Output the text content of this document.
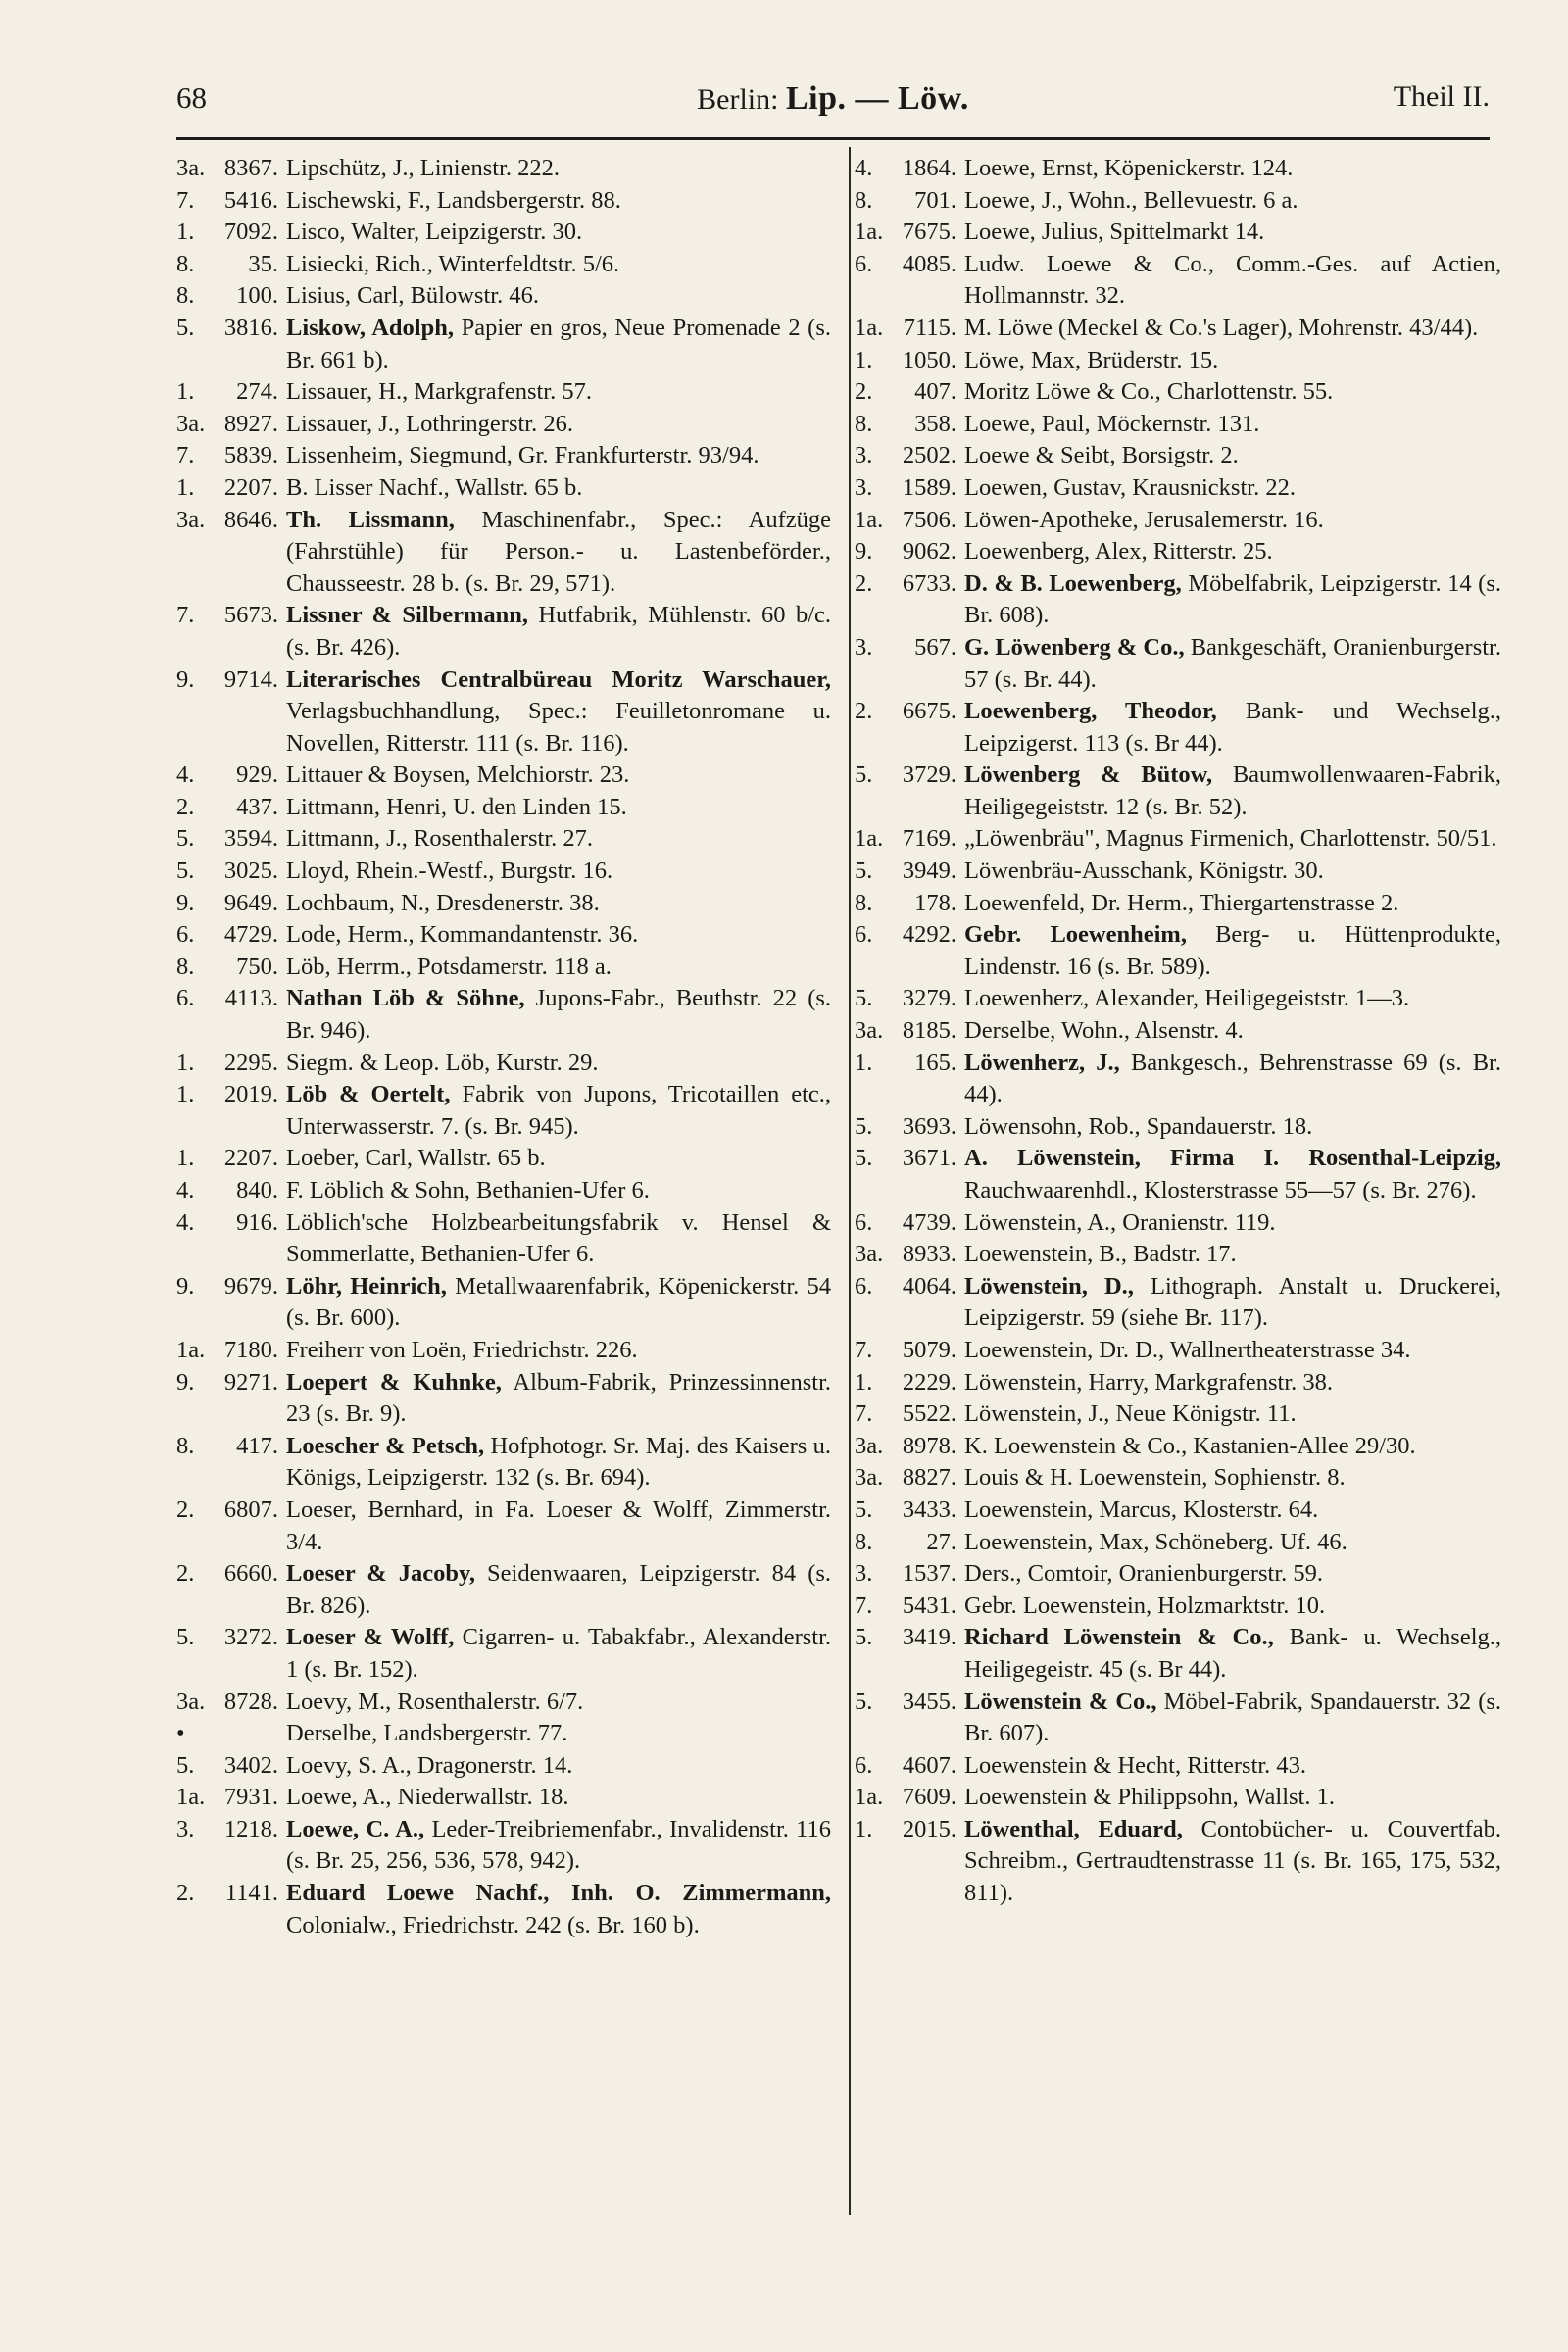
68	Berlin: Lip. — Löw.	Theil II.
3a. 8367. Lipschütz, J., Linienstr. 222.
7.	5416. Lischewski, F., Landsbergerstr. 88.
1.	7092. Lisco, Walter, Leipzigerstr. 30.
8.	35. Lisiecki, Rich., Winterfeldtstr. 5/6.
8.	100. Lisius, Carl, Bülowstr. 46.
5.	3816. Liskow, Adolph, Papier en gros, Neue Promenade 2 (s. Br. 661 b).
1.	274. Lissauer, H., Markgrafenstr. 57.
3a. 8927. Lissauer, J., Lothringerstr. 26.
7.	5839. Lissenheim, Siegmund, Gr. Frankfurterstr. 93/94.
1.	2207. B. Lisser Nachf., Wallstr. 65 b.
3a. 8646. Th. Lissmann, Maschinenfabr., Spec.: Aufzüge (Fahrstühle) für Person.- u. Lastenbeförder., Chausseestr. 28 b. (s. Br. 29, 571).
7.	5673. Lissner & Silbermann, Hutfabrik, Mühlenstr. 60 b/c. (s. Br. 426).
9.	9714. Literarisches Centralbüreau Moritz Warschauer, Verlagsbuchhandlung, Spec.: Feuilletonromane u. Novellen, Ritterstr. 111 (s. Br. 116).
4.	929. Littauer & Boysen, Melchiorstr. 23.
2.	437. Littmann, Henri, U. den Linden 15.
5.	3594. Littmann, J., Rosenthalerstr. 27.
5.	3025. Lloyd, Rhein.-Westf., Burgstr. 16.
9.	9649. Lochbaum, N., Dresdenerstr. 38.
6.	4729. Lode, Herm., Kommandantenstr. 36.
8.	750. Löb, Herrm., Potsdamerstr. 118 a.
6.	4113. Nathan Löb & Söhne, Jupons-Fabr., Beuthstr. 22 (s. Br. 946).
1.	2295. Siegm. & Leop. Löb, Kurstr. 29.
1.	2019. Löb & Oertelt, Fabrik von Jupons, Tricotaillen etc., Unterwasserstr. 7. (s. Br. 945).
1.	2207. Loeber, Carl, Wallstr. 65 b.
4.	840. F. Löblich & Sohn, Bethanien-Ufer 6.
4.	916. Löblich'sche Holzbearbeitungsfabrik v. Hensel & Sommerlatte, Bethanien-Ufer 6.
9.	9679. Löhr, Heinrich, Metallwaarenfabrik, Köpenickerstr. 54 (s. Br. 600).
1a. 7180. Freiherr von Loën, Friedrichstr. 226.
9.	9271. Loepert & Kuhnke, Album-Fabrik, Prinzessinnenstr. 23 (s. Br. 9).
8.	417. Loescher & Petsch, Hofphotogr. Sr. Maj. des Kaisers u. Königs, Leipzigerstr. 132 (s. Br. 694).
2.	6807. Loeser, Bernhard, in Fa. Loeser & Wolff, Zimmerstr. 3/4.
2.	6660. Loeser & Jacoby, Seidenwaaren, Leipzigerstr. 84 (s. Br. 826).
5.	3272. Loeser & Wolff, Cigarren- u. Tabakfabr., Alexanderstr. 1 (s. Br. 152).
3a. 8728. Loevy, M., Rosenthalerstr. 6/7.
•	Derselbe, Landsbergerstr. 77.
5.	3402. Loevy, S. A., Dragonerstr. 14.
1a. 7931. Loewe, A., Niederwallstr. 18.
3.	1218. Loewe, C. A., Leder-Treibriemenfabr., Invalidenstr. 116 (s. Br. 25, 256, 536, 578, 942).
2.	1141. Eduard Loewe Nachf., Inh. O. Zimmermann, Colonialw., Friedrichstr. 242 (s. Br. 160 b).
4.	1864. Loewe, Ernst, Köpenickerstr. 124.
8.	701. Loewe, J., Wohn., Bellevuestr. 6 a.
1a. 7675. Loewe, Julius, Spittelmarkt 14.
6.	4085. Ludw. Loewe & Co., Comm.-Ges. auf Actien, Hollmannstr. 32.
1a. 7115. M. Löwe (Meckel & Co.'s Lager), Mohrenstr. 43/44).
1.	1050. Löwe, Max, Brüderstr. 15.
2.	407. Moritz Löwe & Co., Charlottenstr. 55.
8.	358. Loewe, Paul, Möckernstr. 131.
3.	2502. Loewe & Seibt, Borsigstr. 2.
3.	1589. Loewen, Gustav, Krausnickstr. 22.
1a. 7506. Löwen-Apotheke, Jerusalemerstr. 16.
9.	9062. Loewenberg, Alex, Ritterstr. 25.
2.	6733. D. & B. Loewenberg, Möbelfabrik, Leipzigerstr. 14 (s. Br. 608).
3.	567. G. Löwenberg & Co., Bankgeschäft, Oranienburgerstr. 57 (s. Br. 44).
2.	6675. Loewenberg, Theodor, Bank- und Wechselg., Leipzigerst. 113 (s. Br 44).
5.	3729. Löwenberg & Bütow, Baumwollenwaaren-Fabrik, Heiligegeiststr. 12 (s. Br. 52).
1a. 7169. „Löwenbräu", Magnus Firmenich, Charlottenstr. 50/51.
5.	3949. Löwenbräu-Ausschank, Königstr. 30.
8.	178. Loewenfeld, Dr. Herm., Thiergartenstrasse 2.
6.	4292. Gebr. Loewenheim, Berg- u. Hüttenprodukte, Lindenstr. 16 (s. Br. 589).
5.	3279. Loewenherz, Alexander, Heiligegeiststr. 1—3.
3a. 8185. Derselbe, Wohn., Alsenstr. 4.
1.	165. Löwenherz, J., Bankgesch., Behrenstrasse 69 (s. Br. 44).
5.	3693. Löwensohn, Rob., Spandauerstr. 18.
5.	3671. A. Löwenstein, Firma I. Rosenthal-Leipzig, Rauchwaarenhdl., Klosterstrasse 55—57 (s. Br. 276).
6.	4739. Löwenstein, A., Oranienstr. 119.
3a. 8933. Loewenstein, B., Badstr. 17.
6.	4064. Löwenstein, D., Lithograph. Anstalt u. Druckerei, Leipzigerstr. 59 (siehe Br. 117).
7.	5079. Loewenstein, Dr. D., Wallnertheaterstrasse 34.
1.	2229. Löwenstein, Harry, Markgrafenstr. 38.
7.	5522. Löwenstein, J., Neue Königstr. 11.
3a. 8978. K. Loewenstein & Co., Kastanien-Allee 29/30.
3a. 8827. Louis & H. Loewenstein, Sophienstr. 8.
5.	3433. Loewenstein, Marcus, Klosterstr. 64.
8.	27. Loewenstein, Max, Schöneberg. Uf. 46.
3.	1537. Ders., Comtoir, Oranienburgerstr. 59.
7.	5431. Gebr. Loewenstein, Holzmarktstr. 10.
5.	3419. Richard Löwenstein & Co., Bank- u. Wechselg., Heiligegeistr. 45 (s. Br 44).
5.	3455. Löwenstein & Co., Möbel-Fabrik, Spandauerstr. 32 (s. Br. 607).
6.	4607. Loewenstein & Hecht, Ritterstr. 43.
1a. 7609. Loewenstein & Philippsohn, Wallst. 1.
1.	2015. Löwenthal, Eduard, Contobücher- u. Couvertfab. Schreibm., Gertraudtenstrasse 11 (s. Br. 165, 175, 532, 811).
